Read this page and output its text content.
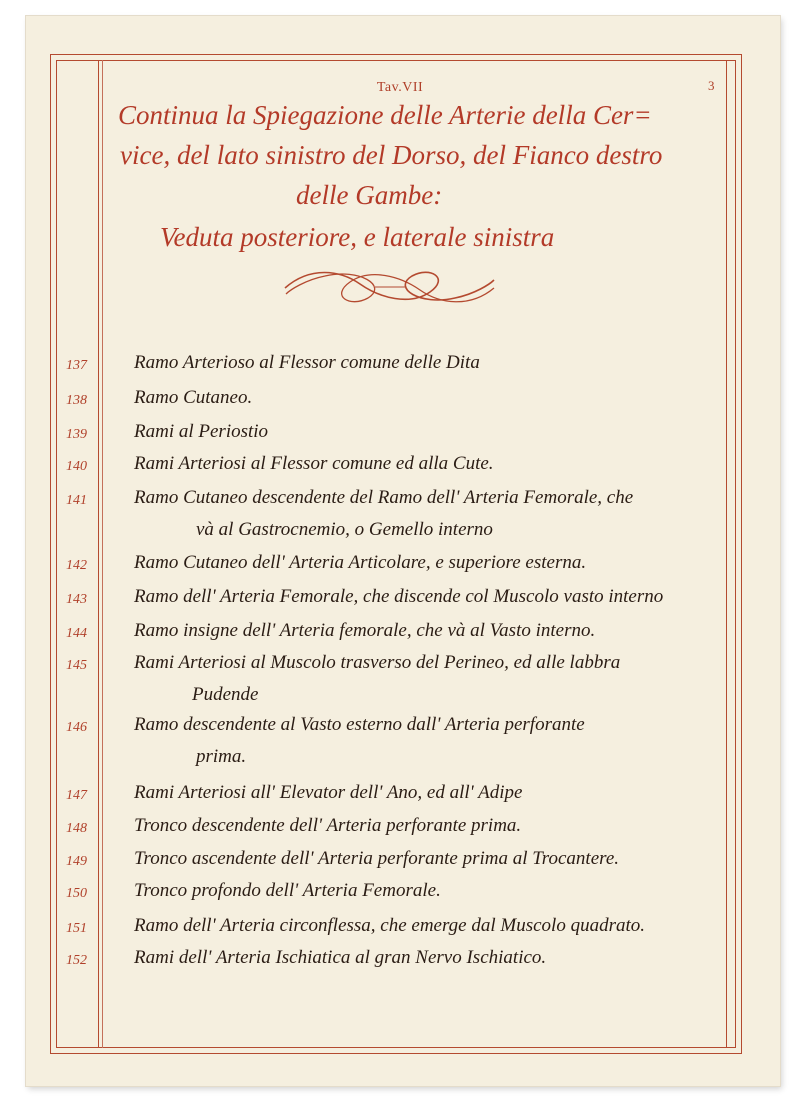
Tav.VII	3
Continua la Spiegazione delle Arterie della Cer=
vice, del lato sinistro del Dorso, del Fianco destro
delle Gambe:
Veduta posteriore, e laterale sinistra
137	Ramo Arterioso al Flessor comune delle Dita
138	Ramo Cutaneo.
139	Rami al Periostio
140	Rami Arteriosi al Flessor comune ed alla Cute.
141	Ramo Cutaneo descendente del Ramo dell' Arteria Femorale, che
và al Gastrocnemio, o Gemello interno
142	Ramo Cutaneo dell' Arteria Articolare, e superiore esterna.
143	Ramo dell' Arteria Femorale, che discende col Muscolo vasto interno
144	Ramo insigne dell' Arteria femorale, che và al Vasto interno.
145	Rami Arteriosi al Muscolo trasverso del Perineo, ed alle labbra
Pudende
146	Ramo descendente al Vasto esterno dall' Arteria perforante
prima.
147	Rami Arteriosi all' Elevator dell' Ano, ed all' Adipe
148	Tronco descendente dell' Arteria perforante prima.
149	Tronco ascendente dell' Arteria perforante prima al Trocantere.
150	Tronco profondo dell' Arteria Femorale.
151	Ramo dell' Arteria circonflessa, che emerge dal Muscolo quadrato.
152	Rami dell' Arteria Ischiatica al gran Nervo Ischiatico.
